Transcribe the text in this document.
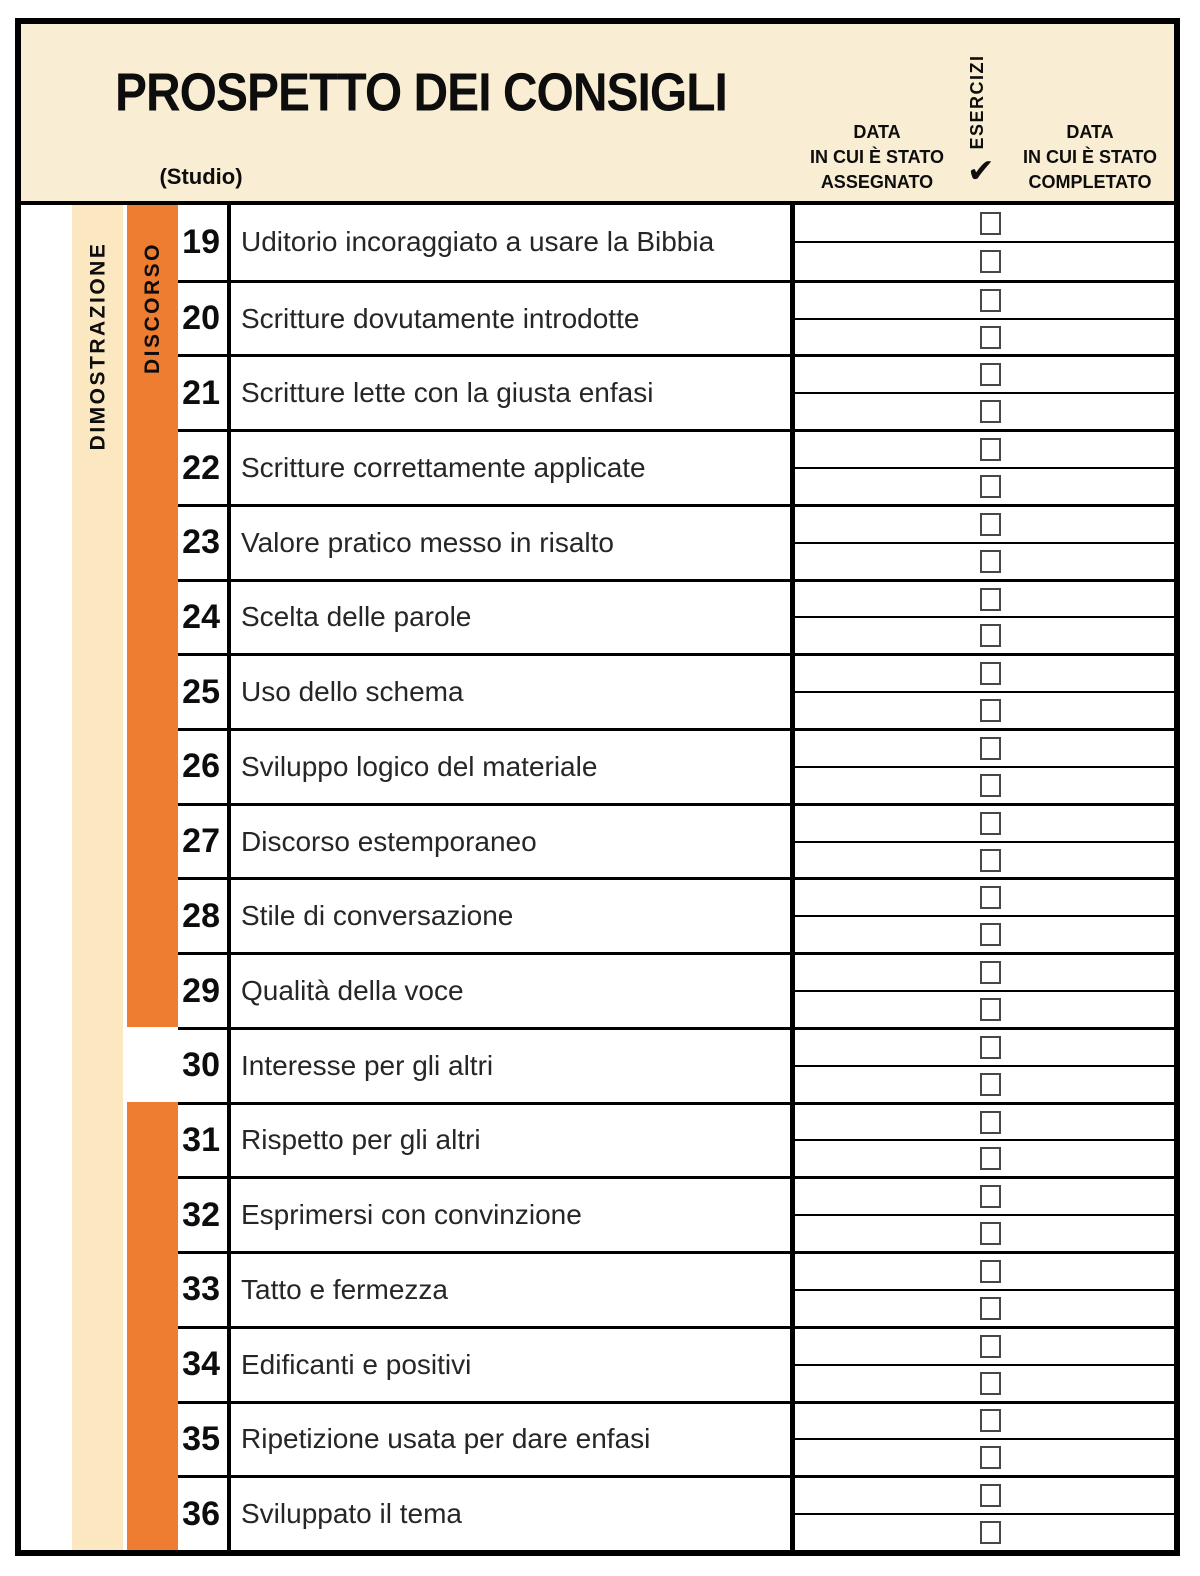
PROSPETTO DEI CONSIGLI
(Studio)
DATA
IN CUI È STATO
ASSEGNATO
ESERCIZI
✔
DATA
IN CUI È STATO
COMPLETATO
DIMOSTRAZIONE DISCORSO
19 Uditorio incoraggiato a usare la Bibbia
20 Scritture dovutamente introdotte
21 Scritture lette con la giusta enfasi
22 Scritture correttamente applicate
23 Valore pratico messo in risalto
24 Scelta delle parole
25 Uso dello schema
26 Sviluppo logico del materiale
27 Discorso estemporaneo
28 Stile di conversazione
29 Qualità della voce
30 Interesse per gli altri
31 Rispetto per gli altri
32 Esprimersi con convinzione
33 Tatto e fermezza
34 Edificanti e positivi
35 Ripetizione usata per dare enfasi
36 Sviluppato il tema
